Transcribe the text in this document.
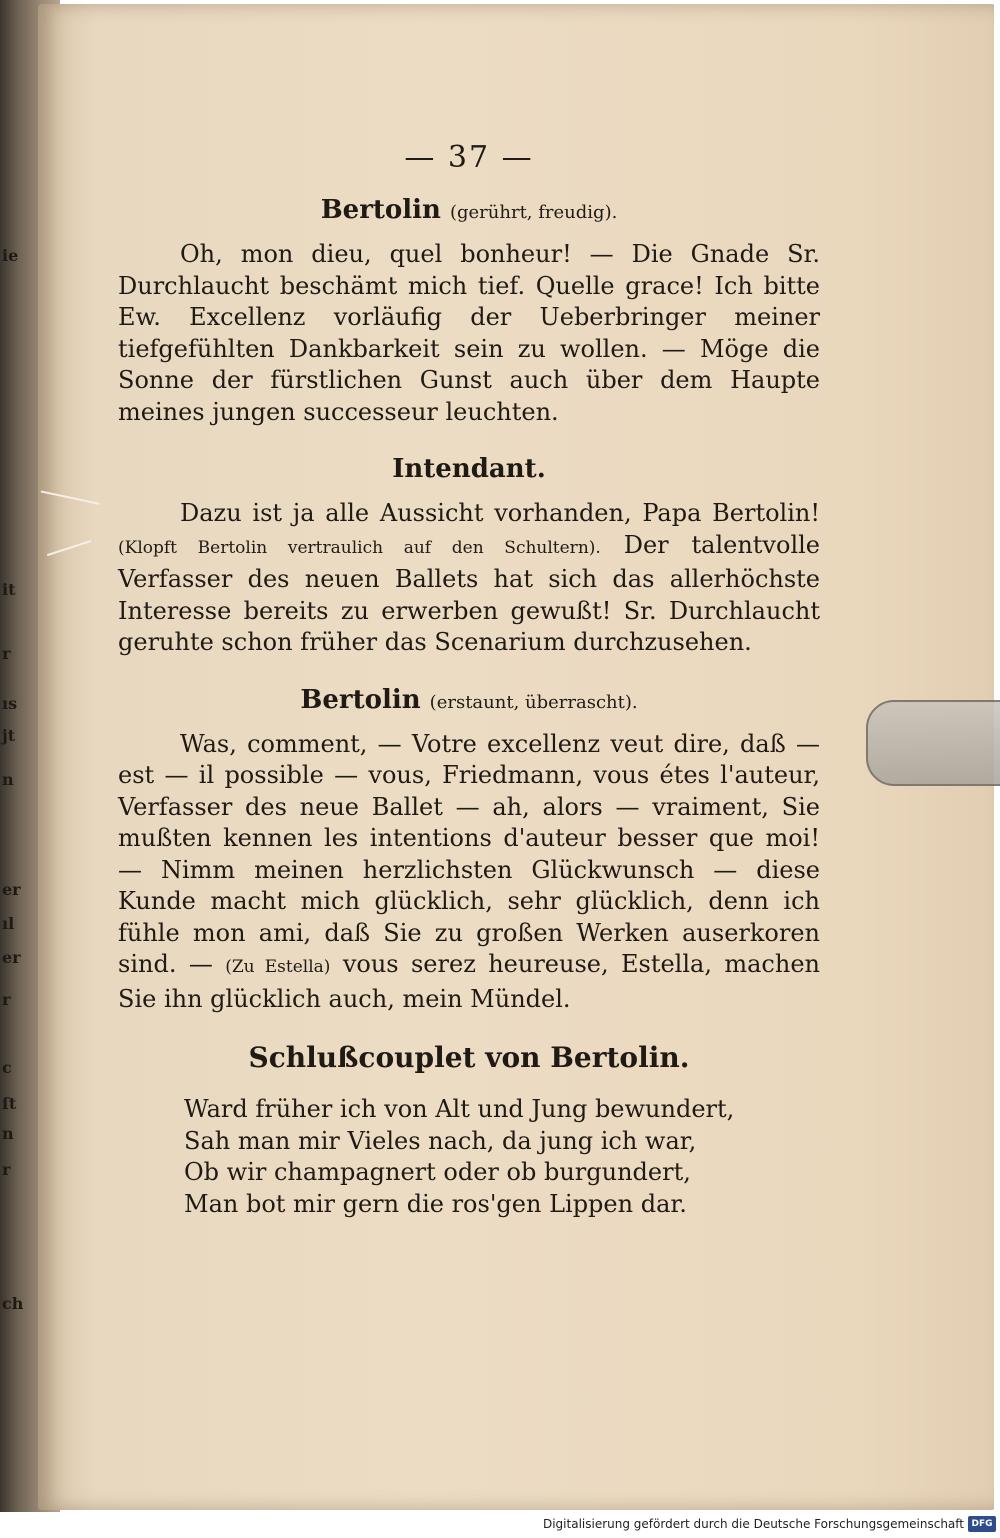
ie
it
r
ıs
jt
n
er
ıl
er
r
c
ſt
n
r
ch
— 37 —
Bertolin (gerührt, freudig).

Oh, mon dieu, quel bonheur! — Die Gnade Sr. Durchlaucht beschämt mich tief. Quelle grace! Ich bitte Ew. Excellenz vorläufig der Ueberbringer meiner tiefgefühlten Dankbarkeit sein zu wollen. — Möge die Sonne der fürstlichen Gunst auch über dem Haupte meines jungen successeur leuchten.

Intendant.

Dazu ist ja alle Aussicht vorhanden, Papa Bertolin! (Klopft Bertolin vertraulich auf den Schultern). Der talentvolle Verfasser des neuen Ballets hat sich das allerhöchste Interesse bereits zu erwerben gewußt! Sr. Durchlaucht geruhte schon früher das Scenarium durchzusehen.

Bertolin (erstaunt, überrascht).

Was, comment, — Votre excellenz veut dire, daß — est — il possible — vous, Friedmann, vous étes l'auteur, Verfasser des neue Ballet — ah, alors — vraiment, Sie mußten kennen les intentions d'auteur besser que moi! — Nimm meinen herzlichsten Glückwunsch — diese Kunde macht mich glücklich, sehr glücklich, denn ich fühle mon ami, daß Sie zu großen Werken auserkoren sind. — (Zu Estella) vous serez heureuse, Estella, machen Sie ihn glücklich auch, mein Mündel.

Schlußcouplet von Bertolin.
Ward früher ich von Alt und Jung bewundert,
Sah man mir Vieles nach, da jung ich war,
Ob wir champagnert oder ob burgundert,
Man bot mir gern die ros'gen Lippen dar.
Digitalisierung gefördert durch die Deutsche Forschungsgemeinschaft DFG
